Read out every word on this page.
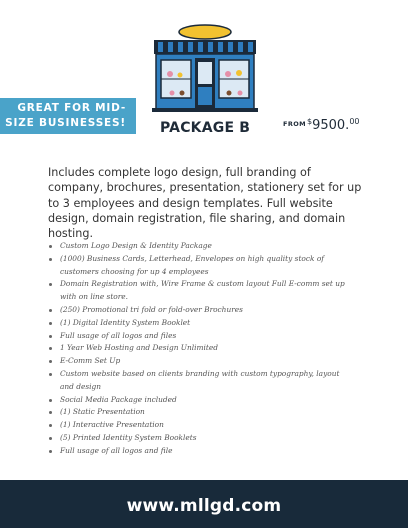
GREAT FOR MID-
SIZE BUSINESSES! PACKAGE B	FROM $9500.00

Includes complete logo design, full branding of company, brochures, presentation, stationery set for up to 3 employees and design templates. Full website design, domain registration, file sharing, and domain hosting.

Custom Logo Design & Identity Package
(1000) Business Cards, Letterhead, Envelopes on high quality stock of customers choosing for up 4 employees
Domain Registration with, Wire Frame & custom layout Full E-comm set up with on line store.
(250) Promotional tri fold or fold-over Brochures
(1) Digital Identity System Booklet
Full usage of all logos and files
1 Year Web Hosting and Design Unlimited
E-Comm Set Up
Custom website based on clients branding with custom typography, layout and design
Social Media Package included
(1) Static Presentation
(1) Interactive Presentation
(5) Printed Identity System Booklets
Full usage of all logos and file
www.mllgd.com
